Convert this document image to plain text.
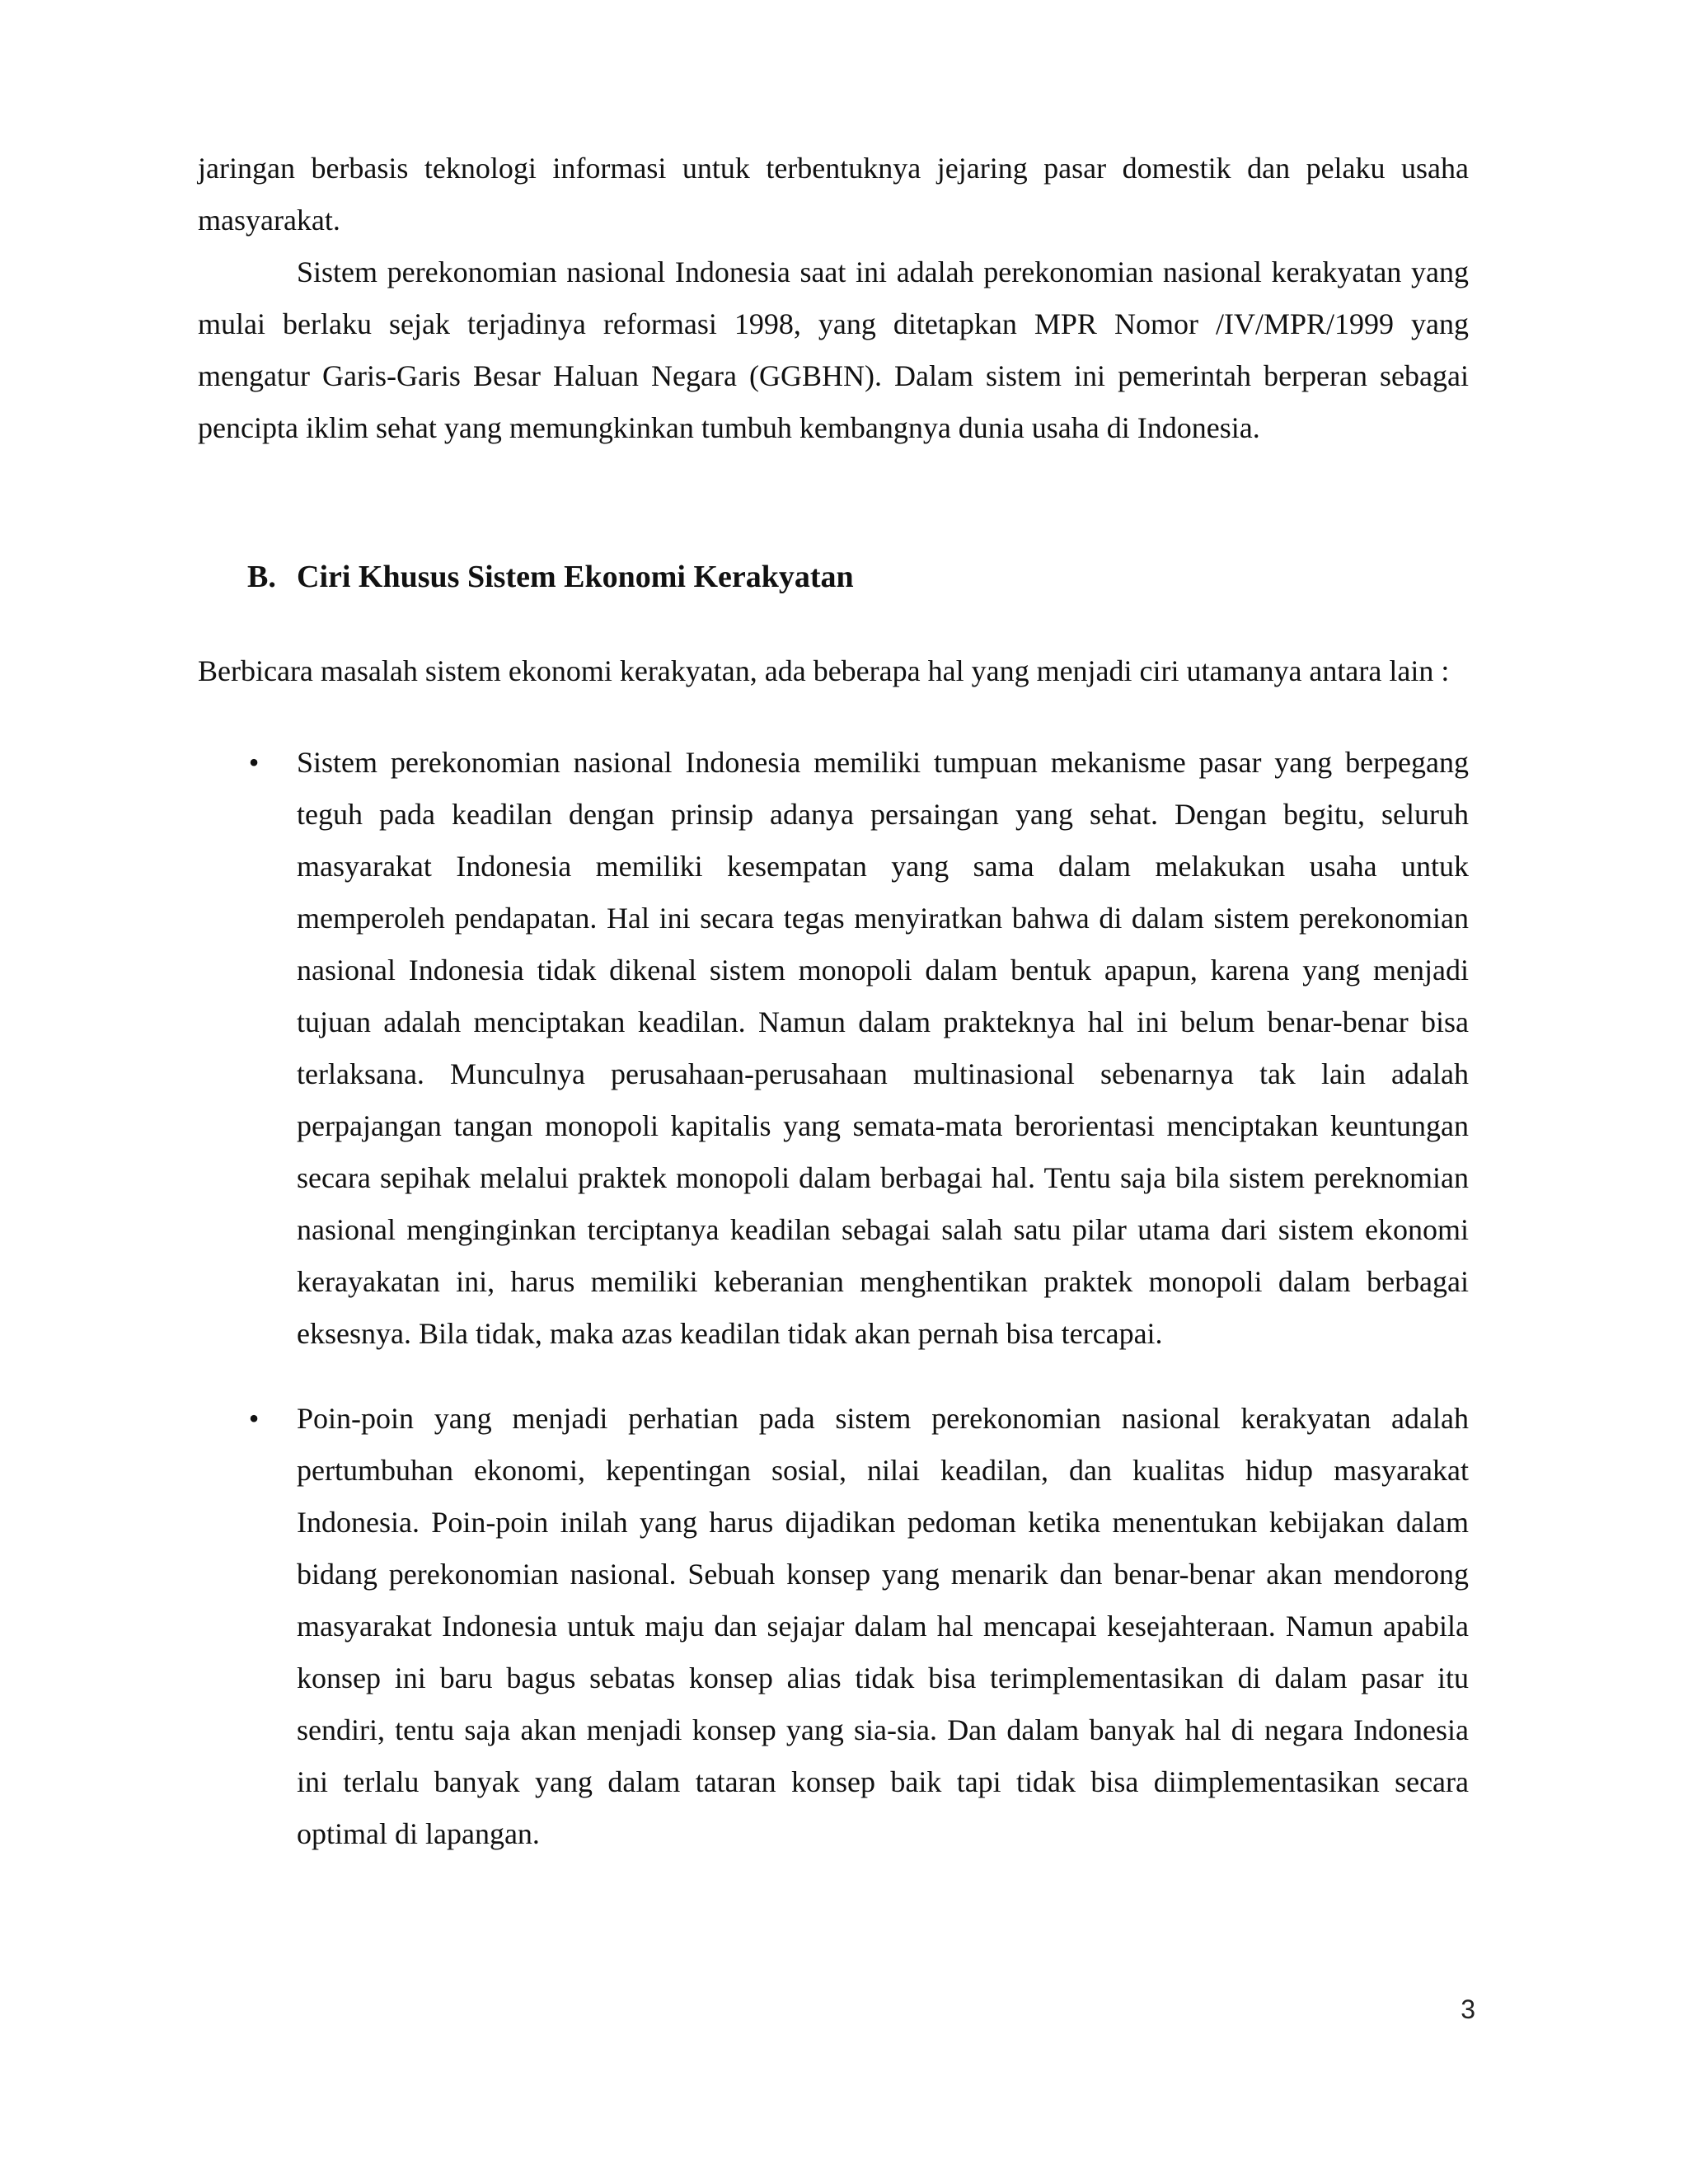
jaringan berbasis teknologi informasi untuk terbentuknya jejaring pasar domestik dan pelaku usaha masyarakat.

Sistem perekonomian nasional Indonesia saat ini adalah perekonomian nasional kerakyatan yang mulai berlaku sejak terjadinya reformasi 1998, yang ditetapkan MPR Nomor /IV/MPR/1999 yang mengatur Garis-Garis Besar Haluan Negara (GGBHN). Dalam sistem ini pemerintah berperan sebagai pencipta iklim sehat yang memungkinkan tumbuh kembangnya dunia usaha di Indonesia.

B. Ciri Khusus Sistem Ekonomi Kerakyatan

Berbicara masalah sistem ekonomi kerakyatan, ada beberapa hal yang menjadi ciri utamanya antara lain :

• Sistem perekonomian nasional Indonesia memiliki tumpuan mekanisme pasar yang berpegang teguh pada keadilan dengan prinsip adanya persaingan yang sehat. Dengan begitu, seluruh masyarakat Indonesia memiliki kesempatan yang sama dalam melakukan usaha untuk memperoleh pendapatan. Hal ini secara tegas menyiratkan bahwa di dalam sistem perekonomian nasional Indonesia tidak dikenal sistem monopoli dalam bentuk apapun, karena yang menjadi tujuan adalah menciptakan keadilan. Namun dalam prakteknya hal ini belum benar-benar bisa terlaksana. Munculnya perusahaan-perusahaan multinasional sebenarnya tak lain adalah perpajangan tangan monopoli kapitalis yang semata-mata berorientasi menciptakan keuntungan secara sepihak melalui praktek monopoli dalam berbagai hal. Tentu saja bila sistem pereknomian nasional menginginkan terciptanya keadilan sebagai salah satu pilar utama dari sistem ekonomi kerayakatan ini, harus memiliki keberanian menghentikan praktek monopoli dalam berbagai eksesnya. Bila tidak, maka azas keadilan tidak akan pernah bisa tercapai.

• Poin-poin yang menjadi perhatian pada sistem perekonomian nasional kerakyatan adalah pertumbuhan ekonomi, kepentingan sosial, nilai keadilan, dan kualitas hidup masyarakat Indonesia. Poin-poin inilah yang harus dijadikan pedoman ketika menentukan kebijakan dalam bidang perekonomian nasional. Sebuah konsep yang menarik dan benar-benar akan mendorong masyarakat Indonesia untuk maju dan sejajar dalam hal mencapai kesejahteraan. Namun apabila konsep ini baru bagus sebatas konsep alias tidak bisa terimplementasikan di dalam pasar itu sendiri, tentu saja akan menjadi konsep yang sia-sia. Dan dalam banyak hal di negara Indonesia ini terlalu banyak yang dalam tataran konsep baik tapi tidak bisa diimplementasikan secara optimal di lapangan.

3
